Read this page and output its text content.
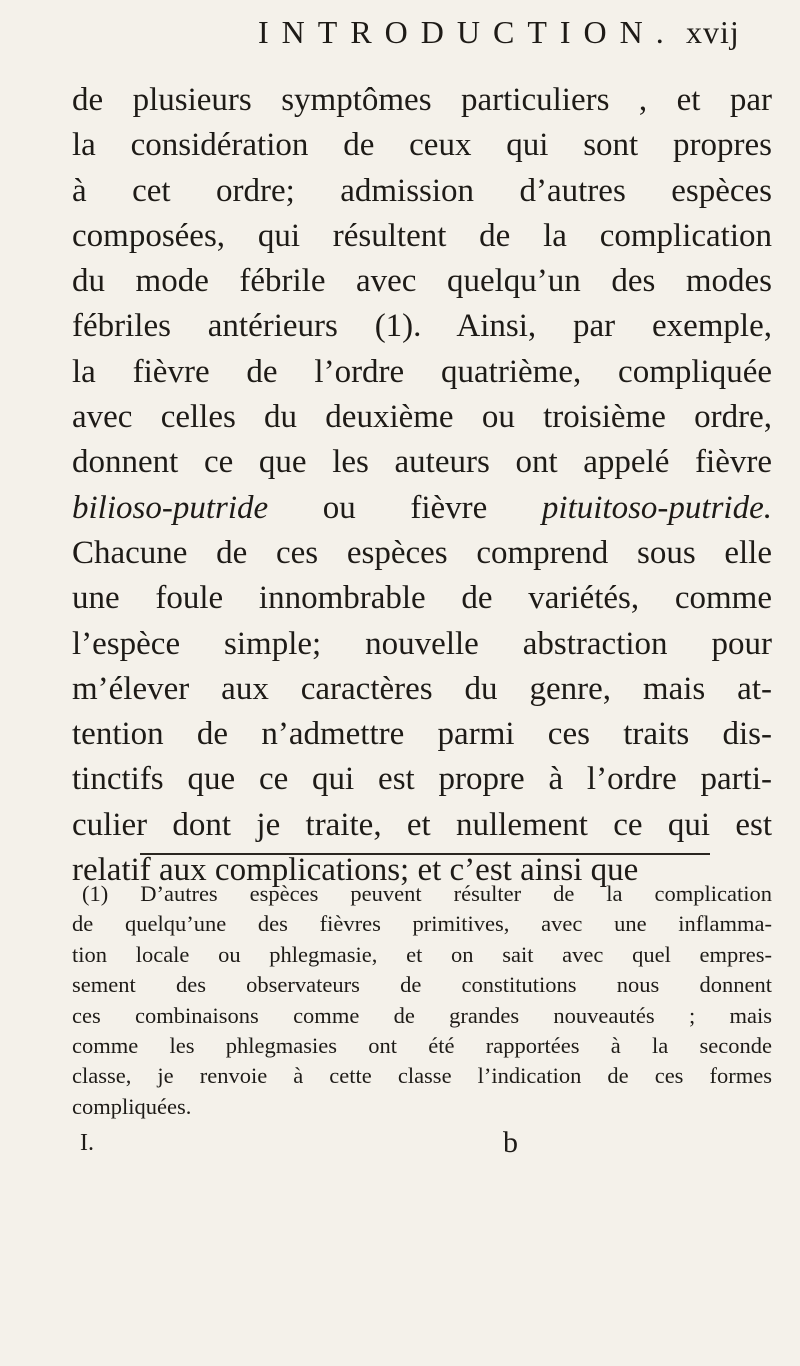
INTRODUCTION. xvij
de plusieurs symptômes particuliers , et par
la considération de ceux qui sont propres
à cet ordre; admission d’autres espèces
composées, qui résultent de la complication
du mode fébrile avec quelqu’un des modes
fébriles antérieurs (1). Ainsi, par exemple,
la fièvre de l’ordre quatrième, compliquée
avec celles du deuxième ou troisième ordre,
donnent ce que les auteurs ont appelé fièvre
bilioso-putride ou fièvre pituitoso-putride.
Chacune de ces espèces comprend sous elle
une foule innombrable de variétés, comme
l’espèce simple; nouvelle abstraction pour
m’élever aux caractères du genre, mais at-
tention de n’admettre parmi ces traits dis-
tinctifs que ce qui est propre à l’ordre parti-
culier dont je traite, et nullement ce qui est
relatif aux complications; et c’est ainsi que
(1) D’autres espèces peuvent résulter de la complication
de quelqu’une des fièvres primitives, avec une inflamma-
tion locale ou phlegmasie, et on sait avec quel empres-
sement des observateurs de constitutions nous donnent
ces combinaisons comme de grandes nouveautés ; mais
comme les phlegmasies ont été rapportées à la seconde
classe, je renvoie à cette classe l’indication de ces formes
compliquées.
I.	b
